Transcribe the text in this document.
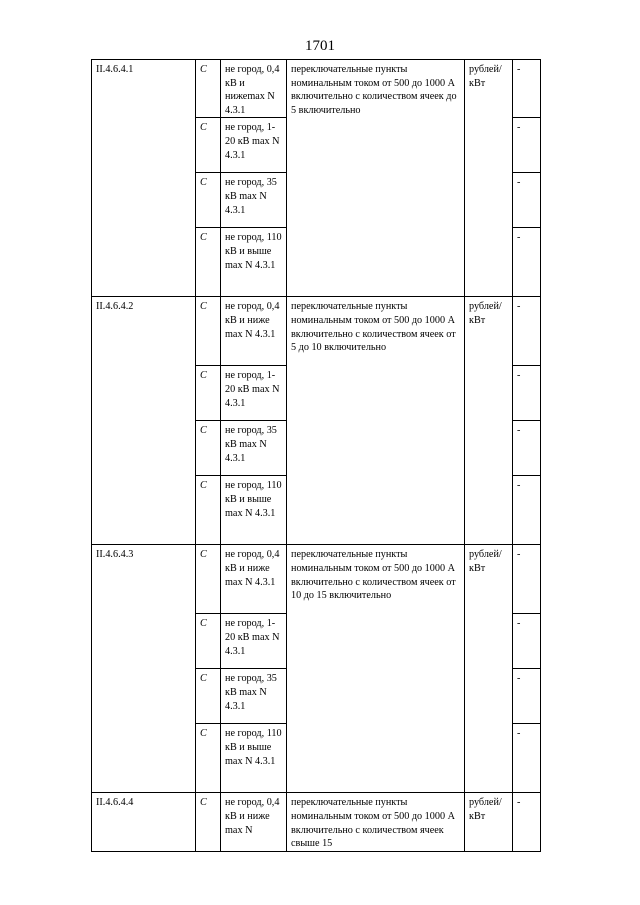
1701
II.4.6.4.1	С	не город, 0,4 кВ и нижеmax N 4.3.1	переключательные пункты номинальным током от 500 до 1000 А включительно с количеством ячеек до 5 включительно	рублей/ кВт	-
	С	не город, 1-20 кВ max N 4.3.1			-
	С	не город, 35 кВ max N 4.3.1			-
	С	не город, 110 кВ и выше max N 4.3.1			-
II.4.6.4.2	С	не город, 0,4 кВ и ниже max N 4.3.1	переключательные пункты номинальным током от 500 до 1000 А включительно с количеством ячеек от 5 до 10 включительно	рублей/ кВт	-
	С	не город, 1-20 кВ max N 4.3.1			-
	С	не город, 35 кВ max N 4.3.1			-
	С	не город, 110 кВ и выше max N 4.3.1			-
II.4.6.4.3	С	не город, 0,4 кВ и ниже max N 4.3.1	переключательные пункты номинальным током от 500 до 1000 А включительно с количеством ячеек от 10 до 15 включительно	рублей/ кВт	-
	С	не город, 1-20 кВ max N 4.3.1			-
	С	не город, 35 кВ max N 4.3.1			-
	С	не город, 110 кВ и выше max N 4.3.1			-
II.4.6.4.4	С	не город, 0,4 кВ и ниже max N	переключательные пункты номинальным током от 500 до 1000 А включительно с количеством ячеек свыше 15	рублей/ кВт	-
